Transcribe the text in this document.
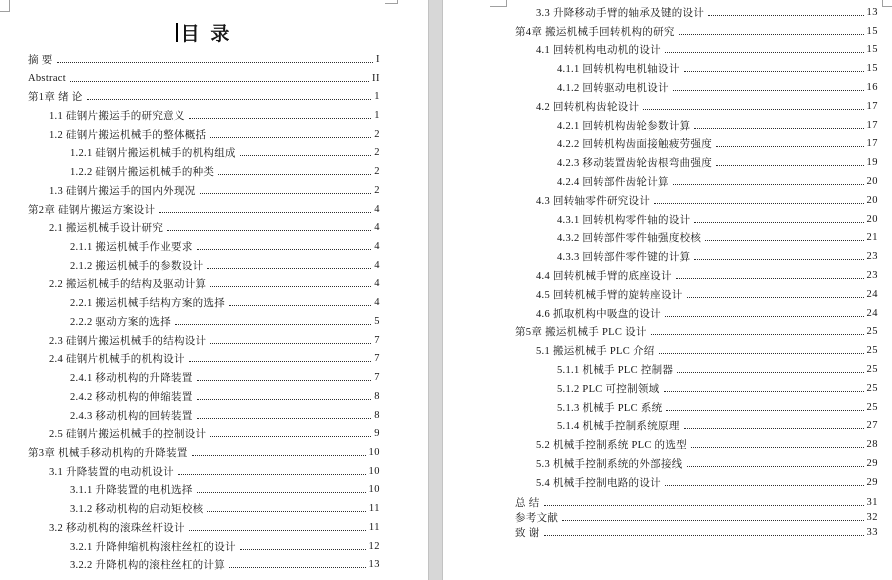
目 录
摘 要	I
Abstract	II
第1章 绪 论	1
1.1 硅钢片搬运手的研究意义	1
1.2 硅钢片搬运机械手的整体概括	2
1.2.1 硅钢片搬运机械手的机构组成	2
1.2.2 硅钢片搬运机械手的种类	2
1.3 硅钢片搬运手的国内外现况	2
第2章 硅钢片搬运方案设计	4
2.1 搬运机械手设计研究	4
2.1.1 搬运机械手作业要求	4
2.1.2 搬运机械手的参数设计	4
2.2 搬运机械手的结构及驱动计算	4
2.2.1 搬运机械手结构方案的选择	4
2.2.2 驱动方案的选择	5
2.3 硅钢片搬运机械手的结构设计	7
2.4 硅钢片机械手的机构设计	7
2.4.1 移动机构的升降装置	7
2.4.2 移动机构的伸缩装置	8
2.4.3 移动机构的回转装置	8
2.5 硅钢片搬运机械手的控制设计	9
第3章 机械手移动机构的升降装置	10
3.1 升降装置的电动机设计	10
3.1.1 升降装置的电机选择	10
3.1.2 移动机构的启动矩校核	11
3.2 移动机构的滚珠丝杆设计	11
3.2.1 升降伸缩机构滚柱丝杠的设计	12
3.2.2 升降机构的滚柱丝杠的计算	13
3.3 升降移动手臂的轴承及键的设计	13
第4章 搬运机械手回转机构的研究	15
4.1 回转机构电动机的设计	15
4.1.1 回转机构电机轴设计	15
4.1.2 回转驱动电机设计	16
4.2 回转机构齿轮设计	17
4.2.1 回转机构齿轮参数计算	17
4.2.2 回转机构齿面接触疲劳强度	17
4.2.3 移动装置齿轮齿根弯曲强度	19
4.2.4 回转部件齿轮计算	20
4.3 回转轴零件研究设计	20
4.3.1 回转机构零件轴的设计	20
4.3.2 回转部件零件轴强度校核	21
4.3.3 回转部件零件键的计算	23
4.4 回转机械手臂的底座设计	23
4.5 回转机械手臂的旋转座设计	24
4.6 抓取机构中吸盘的设计	24
第5章 搬运机械手 PLC 设计	25
5.1 搬运机械手 PLC 介绍	25
5.1.1 机械手 PLC 控制器	25
5.1.2 PLC 可控制领域	25
5.1.3 机械手 PLC 系统	25
5.1.4 机械手控制系统原理	27
5.2 机械手控制系统 PLC 的选型	28
5.3 机械手控制系统的外部接线	29
5.4 机械手控制电路的设计	29
总 结	31
参考文献	32
致 谢	33
